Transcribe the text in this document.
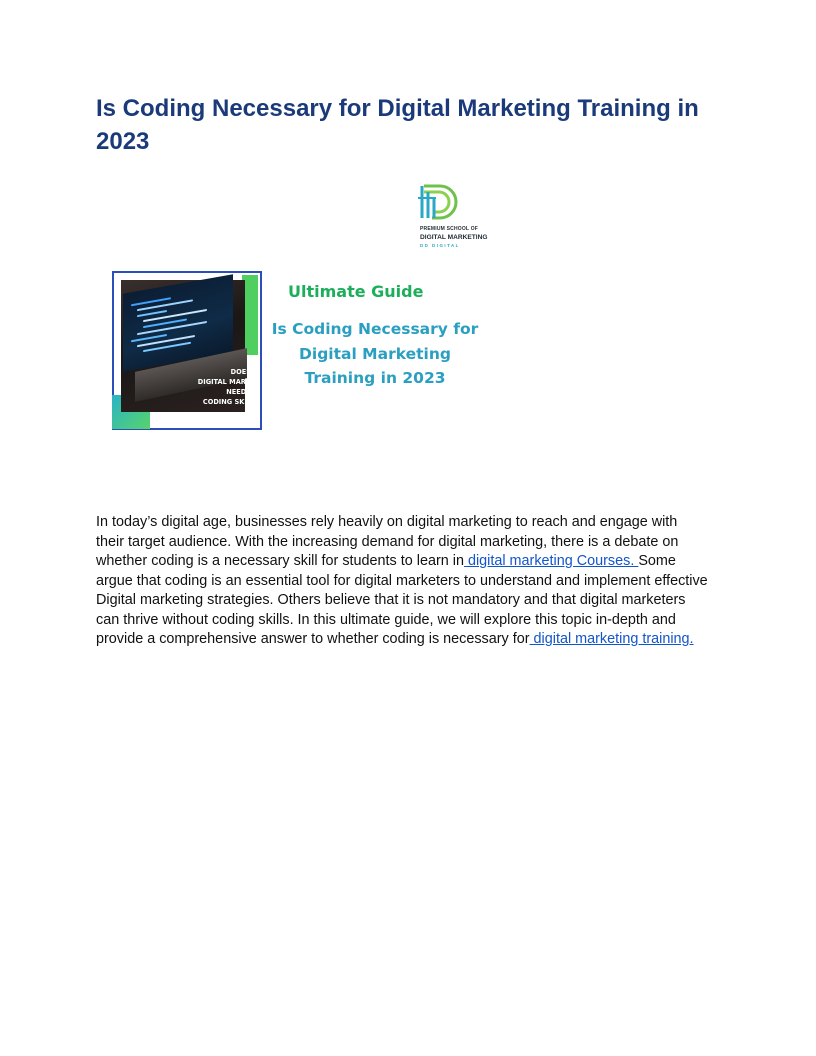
Is Coding Necessary for Digital Marketing Training in 2023
PREMIUM SCHOOL OF
DIGITAL MARKETING
DD DIGITAL
DOES
DIGITAL MARK
NEEDS
CODING SKIL
Ultimate Guide
Is Coding Necessary for
Digital Marketing
Training in 2023

In today’s digital age, businesses rely heavily on digital marketing to reach and engage with
their target audience. With the increasing demand for digital marketing, there is a debate on
whether coding is a necessary skill for students to learn in digital marketing Courses. Some
argue that coding is an essential tool for digital marketers to understand and implement effective
Digital marketing strategies. Others believe that it is not mandatory and that digital marketers
can thrive without coding skills. In this ultimate guide, we will explore this topic in-depth and
provide a comprehensive answer to whether coding is necessary for digital marketing training.
